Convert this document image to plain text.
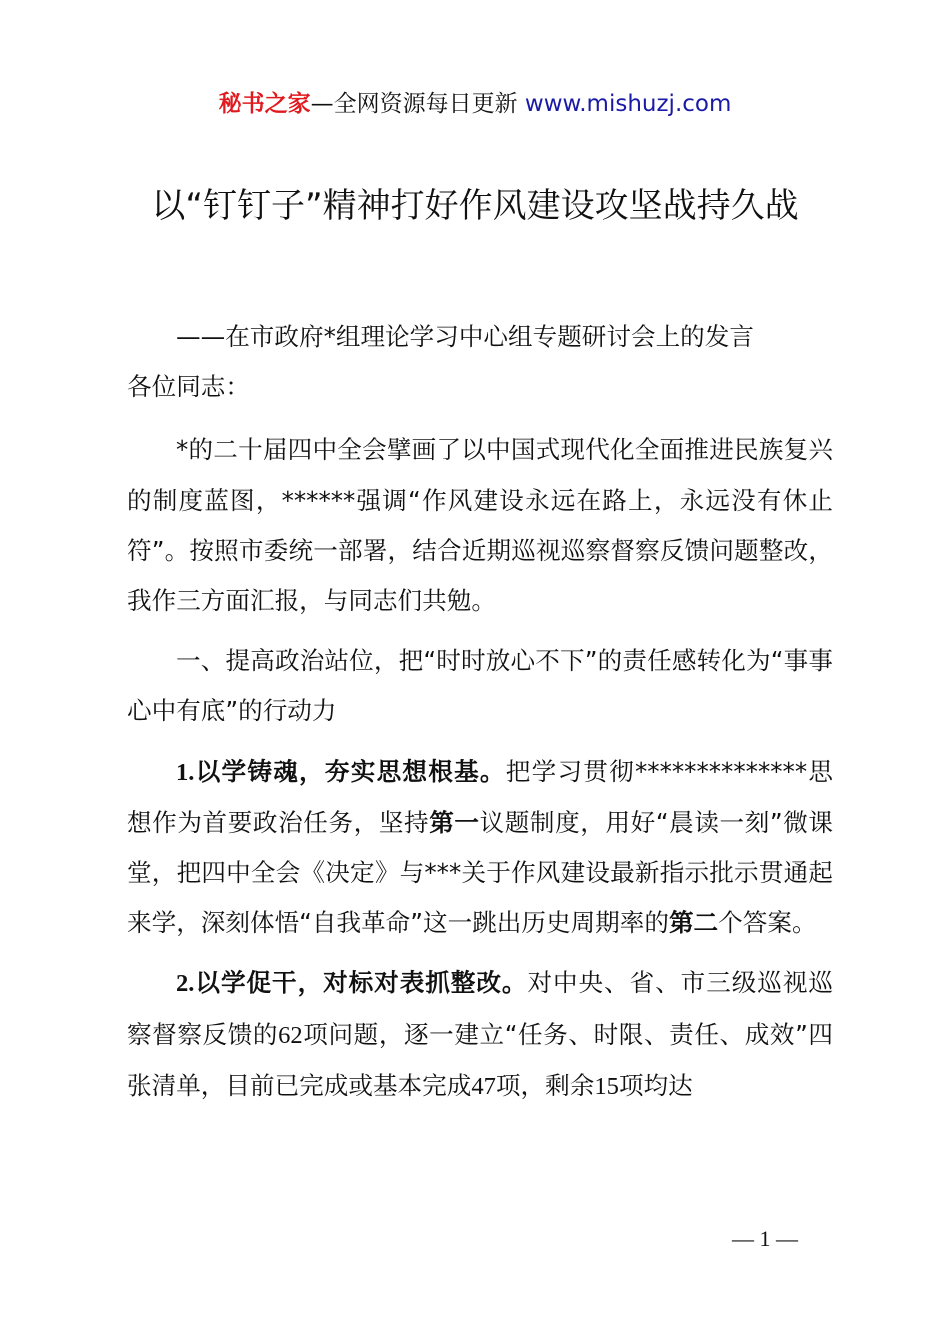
秘书之家—全网资源每日更新 www.mishuzj.com
以“钉钉子”精神打好作风建设攻坚战持久战

——在市政府*组理论学习中心组专题研讨会上的发言

各位同志：

*的二十届四中全会擘画了以中国式现代化全面推进民族复兴的制度蓝图，******强调“作风建设永远在路上，永远没有休止符”。按照市委统一部署，结合近期巡视巡察督察反馈问题整改，我作三方面汇报，与同志们共勉。

一、提高政治站位，把“时时放心不下”的责任感转化为“事事心中有底”的行动力

1.以学铸魂，夯实思想根基。把学习贯彻**************思想作为首要政治任务，坚持第一议题制度，用好“晨读一刻”微课堂，把四中全会《决定》与***关于作风建设最新指示批示贯通起来学，深刻体悟“自我革命”这一跳出历史周期率的第二个答案。

2.以学促干，对标对表抓整改。对中央、省、市三级巡视巡察督察反馈的62项问题，逐一建立“任务、时限、责任、成效”四张清单，目前已完成或基本完成47项，剩余15项均达

— 1 —
